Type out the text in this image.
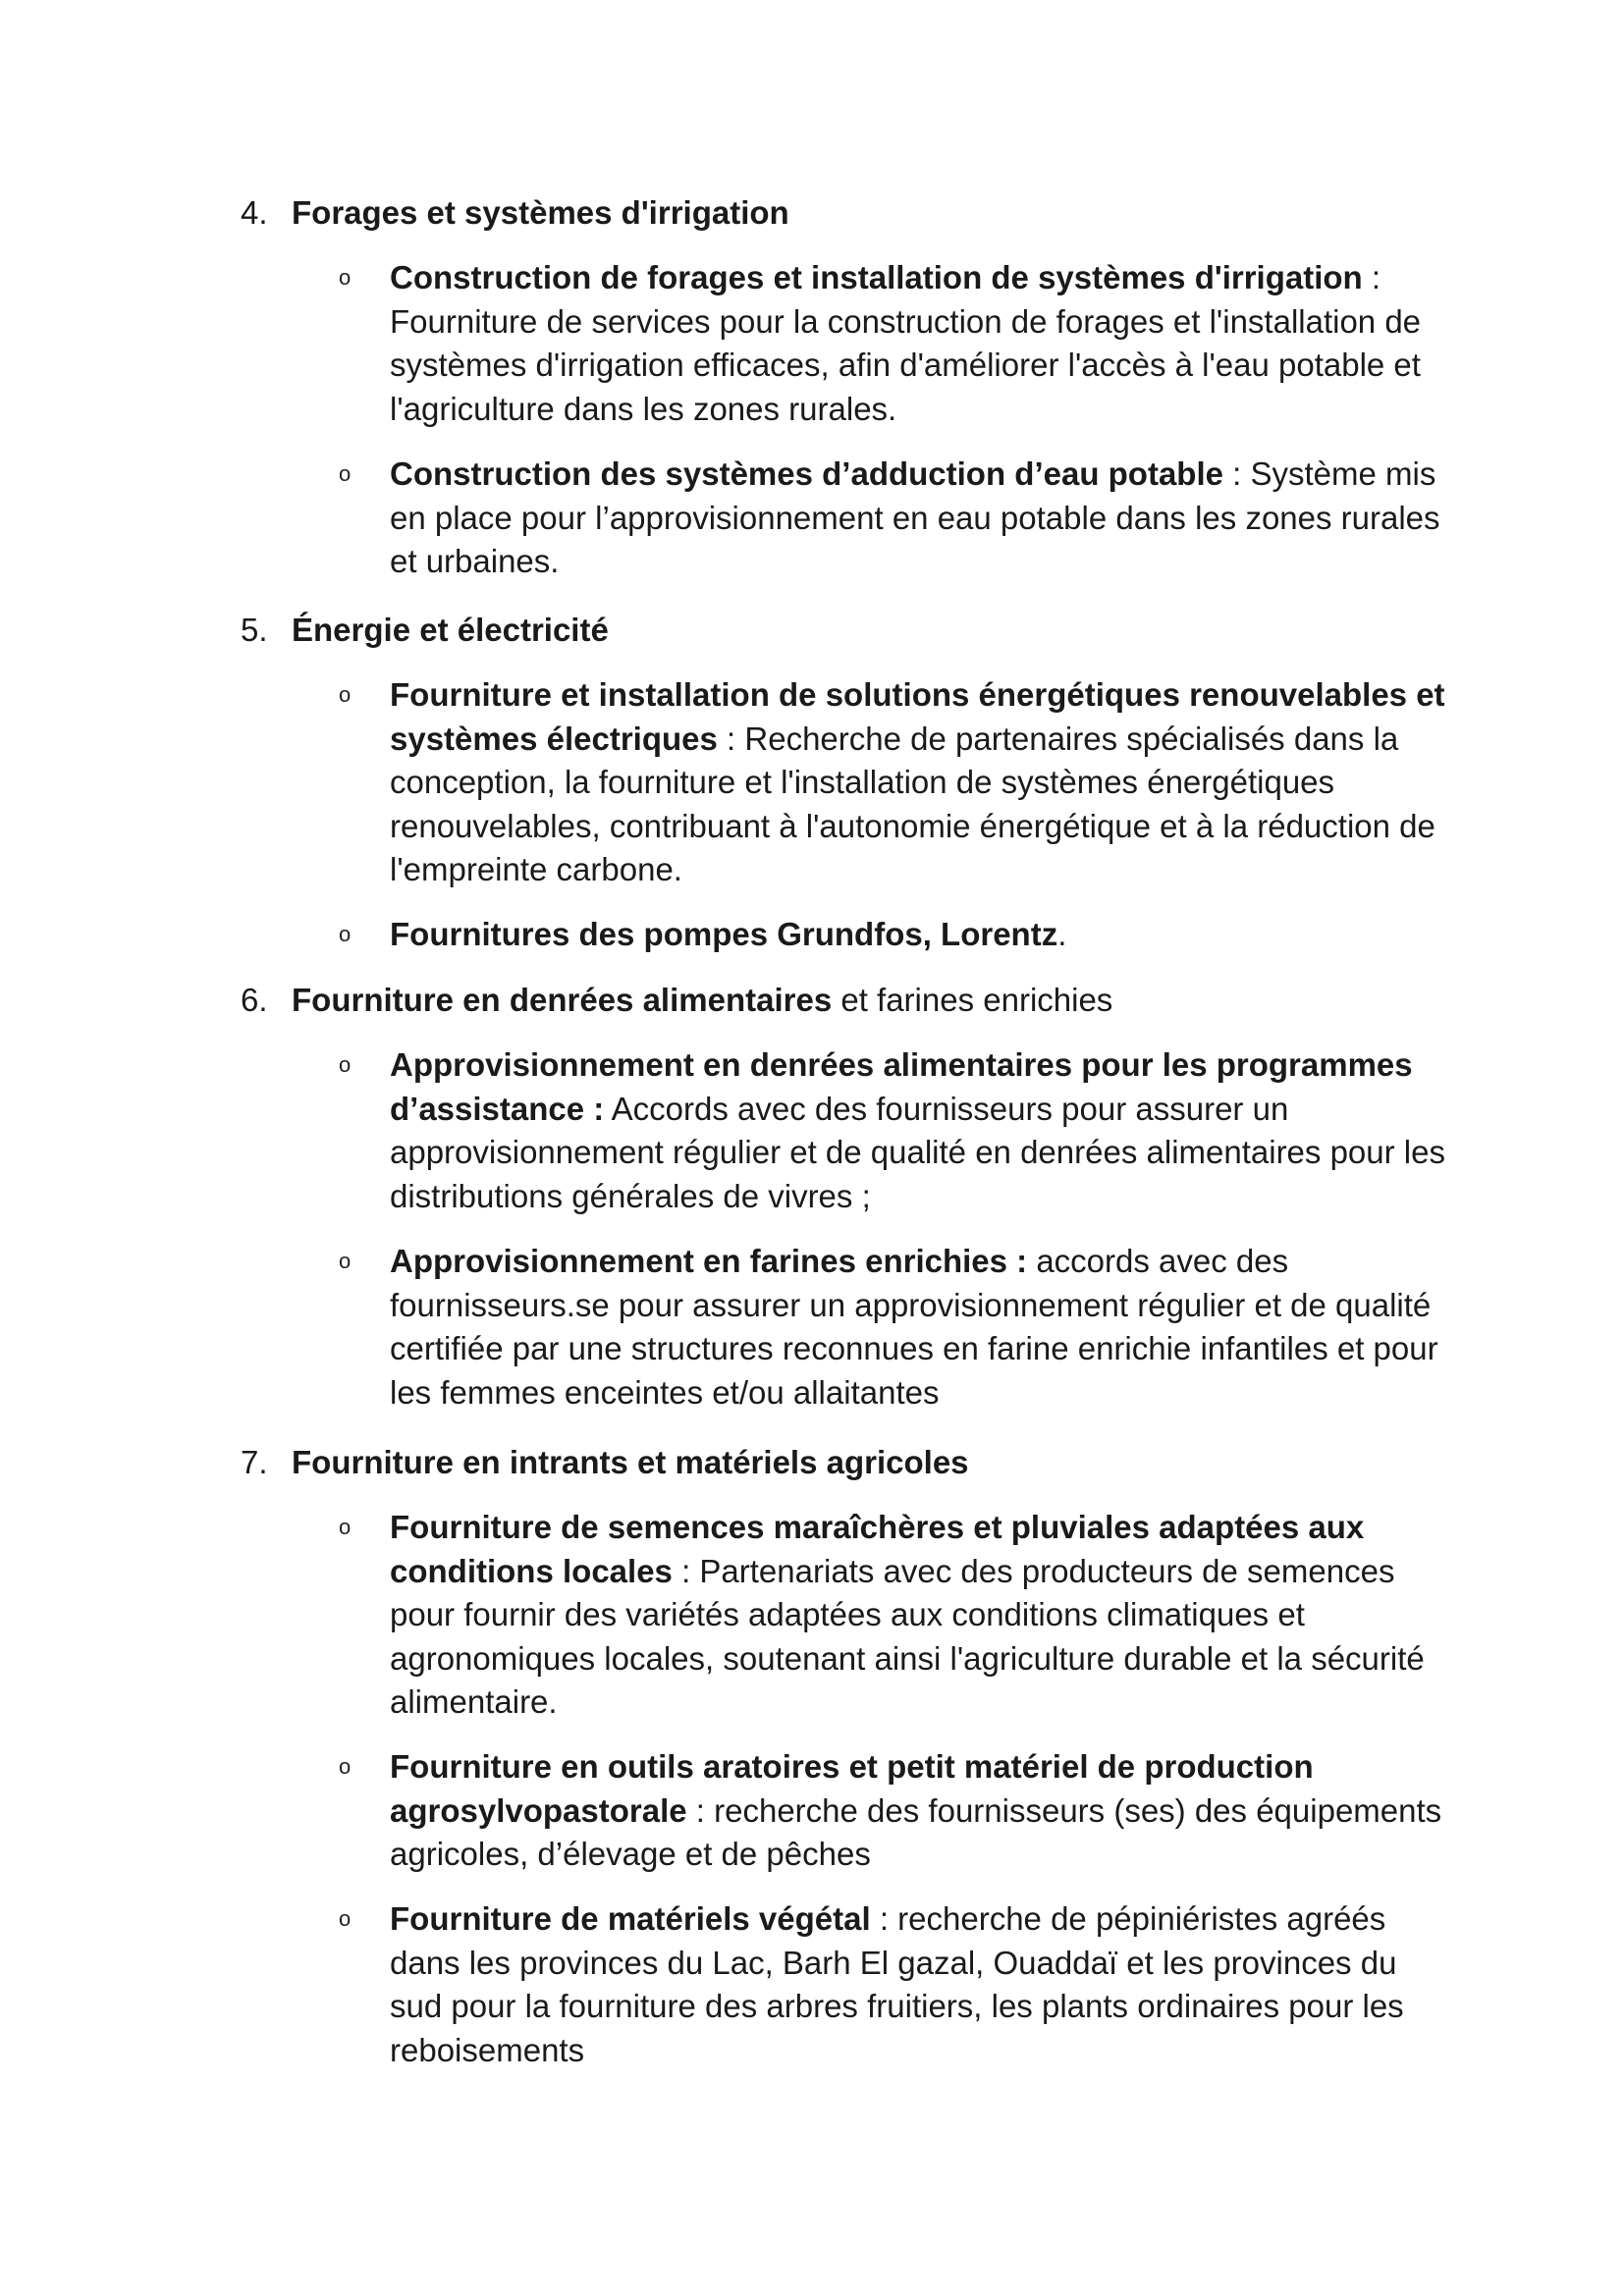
4. Forages et systèmes d'irrigation
o Construction de forages et installation de systèmes d'irrigation : Fourniture de services pour la construction de forages et l'installation de systèmes d'irrigation efficaces, afin d'améliorer l'accès à l'eau potable et l'agriculture dans les zones rurales.

o Construction des systèmes d’adduction d’eau potable : Système mis en place pour l’approvisionnement en eau potable dans les zones rurales et urbaines.

5. Énergie et électricité
o Fourniture et installation de solutions énergétiques renouvelables et systèmes électriques : Recherche de partenaires spécialisés dans la conception, la fourniture et l'installation de systèmes énergétiques renouvelables, contribuant à l'autonomie énergétique et à la réduction de l'empreinte carbone.

o Fournitures des pompes Grundfos, Lorentz.

6. Fourniture en denrées alimentaires et farines enrichies
o Approvisionnement en denrées alimentaires pour les programmes d’assistance : Accords avec des fournisseurs pour assurer un approvisionnement régulier et de qualité en denrées alimentaires pour les distributions générales de vivres ;

o Approvisionnement en farines enrichies : accords avec des fournisseurs.se pour assurer un approvisionnement régulier et de qualité certifiée par une structures reconnues en farine enrichie infantiles et pour les femmes enceintes et/ou allaitantes

7. Fourniture en intrants et matériels agricoles
o Fourniture de semences maraîchères et pluviales adaptées aux conditions locales : Partenariats avec des producteurs de semences pour fournir des variétés adaptées aux conditions climatiques et agronomiques locales, soutenant ainsi l'agriculture durable et la sécurité alimentaire.

o Fourniture en outils aratoires et petit matériel de production agrosylvopastorale : recherche des fournisseurs (ses) des équipements agricoles, d’élevage et de pêches

o Fourniture de matériels végétal : recherche de pépiniéristes agréés dans les provinces du Lac, Barh El gazal, Ouaddaï et les provinces du sud pour la fourniture des arbres fruitiers, les plants ordinaires pour les reboisements
